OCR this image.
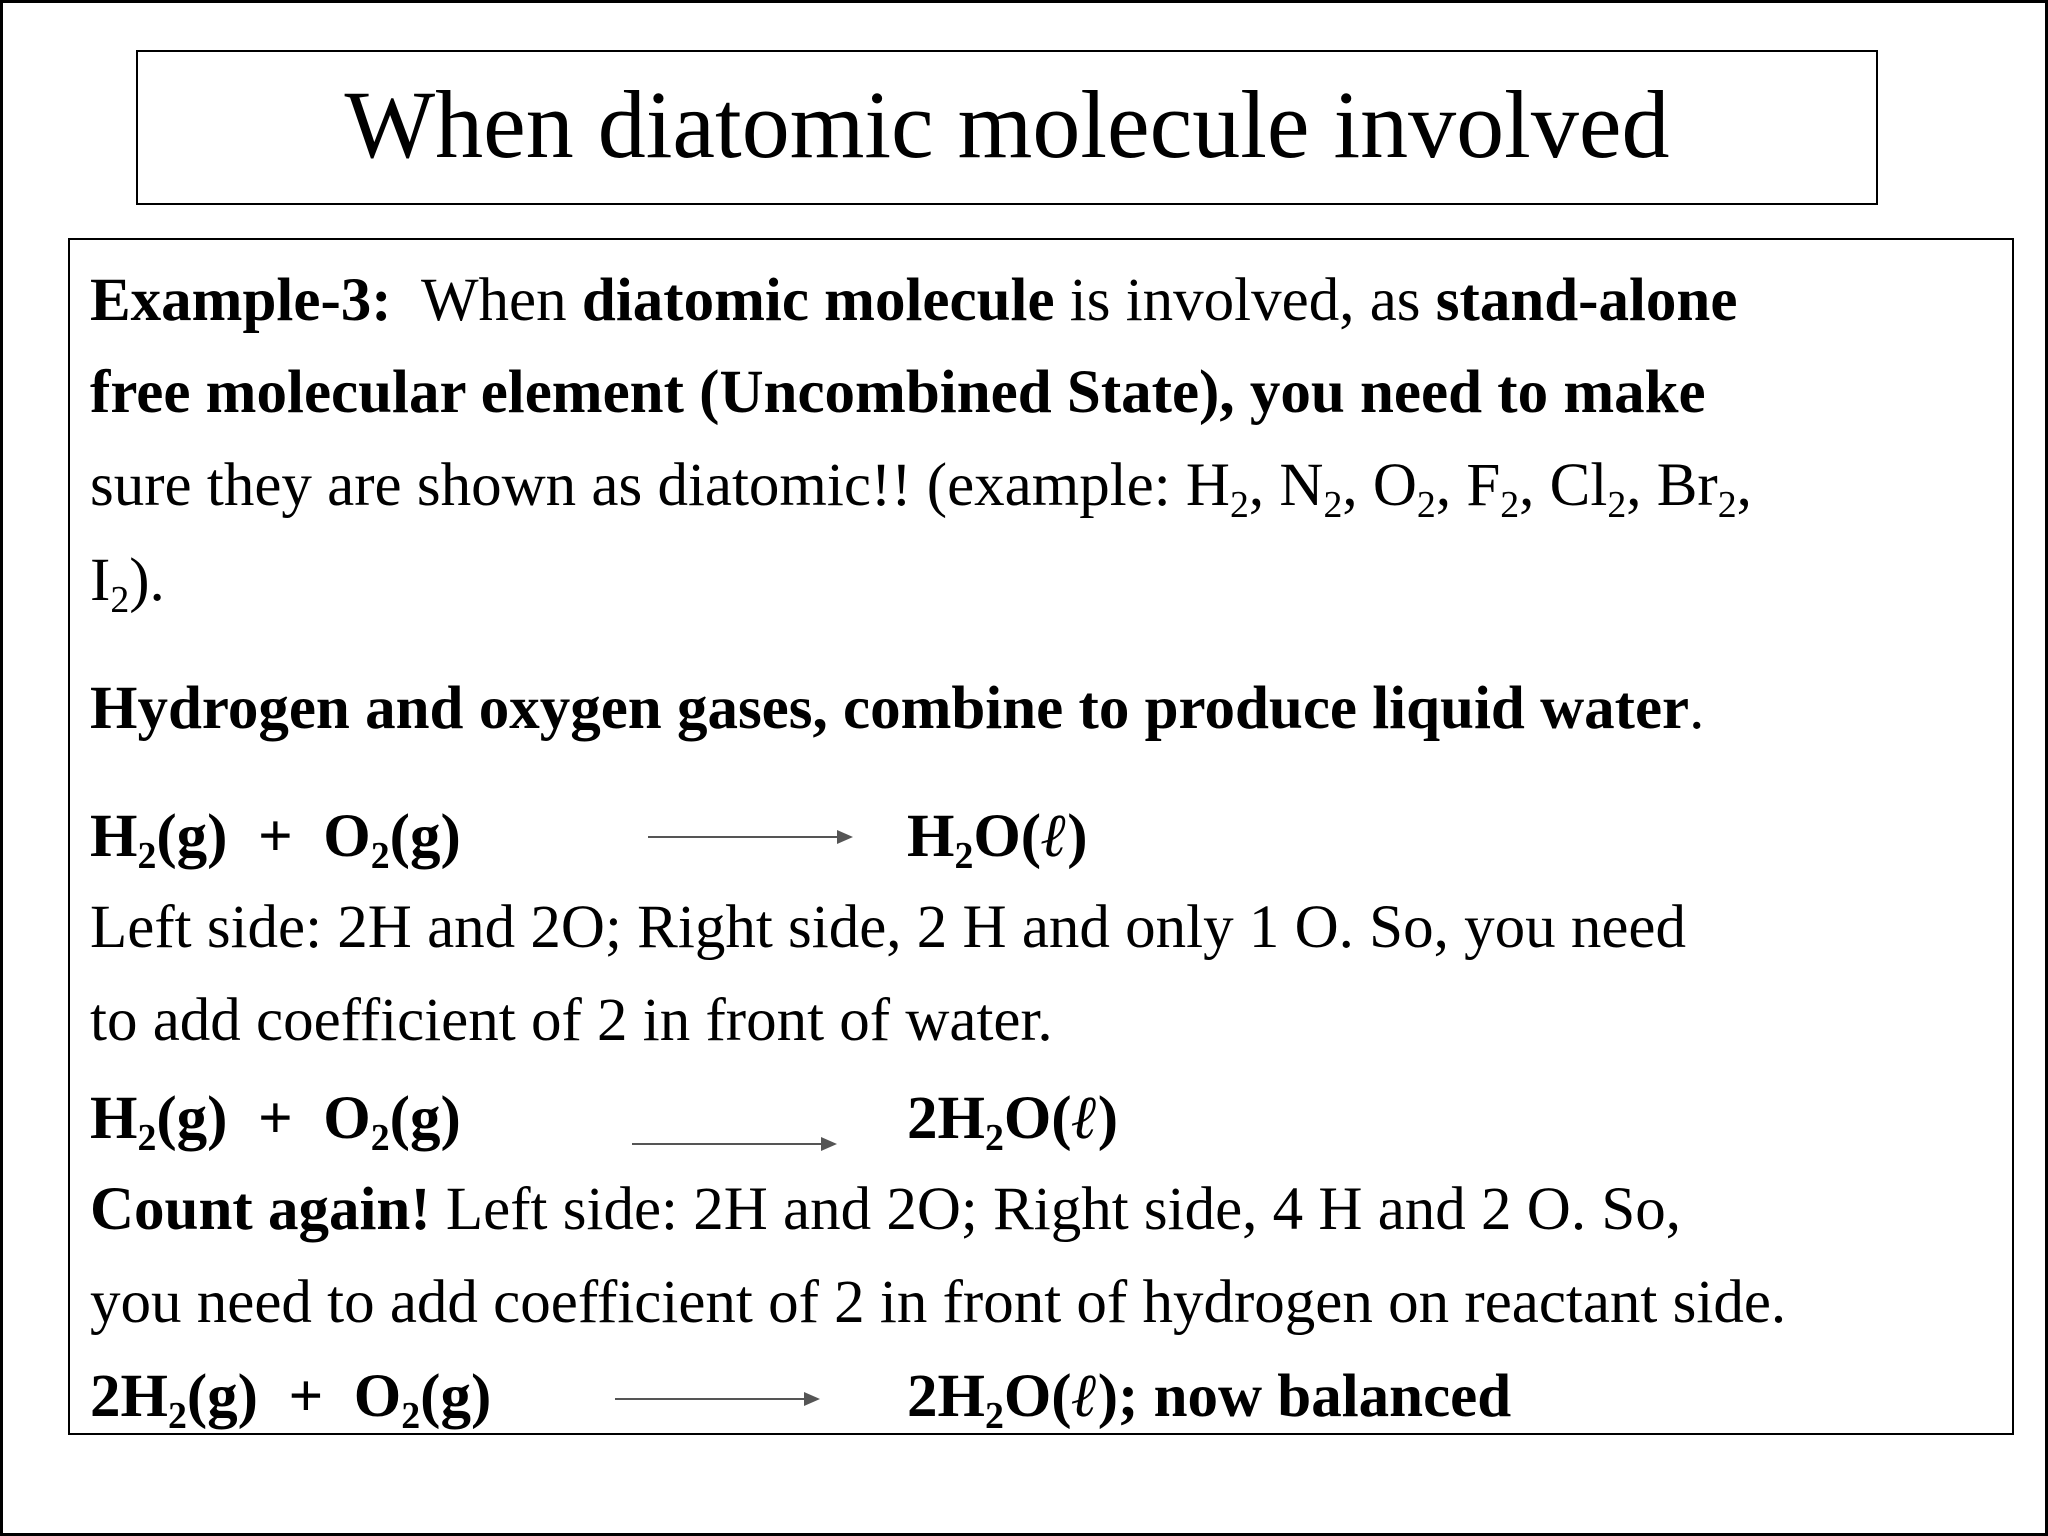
When diatomic molecule involved
Example-3: When diatomic molecule is involved, as stand-alone
free molecular element (Uncombined State), you need to make
sure they are shown as diatomic!! (example: $H_2$, $N_2$, $O_2$, $F_2$, $Cl_2$, $Br_2$,
$I_2$).
Hydrogen and oxygen gases, combine to produce liquid water.
$H_2(g) + O_2(g)$	$H_2O(\ell)$
Left side: 2H and 2O; Right side, 2 H and only 1 O. So, you need
to add coefficient of 2 in front of water.
$H_2(g) + O_2(g)$	$2H_2O(\ell)$
Count again! Left side: 2H and 2O; Right side, 4 H and 2 O. So,
you need to add coefficient of 2 in front of hydrogen on reactant side.
$2H_2(g) + O_2(g)$	$2H_2O(\ell)$; now balanced
